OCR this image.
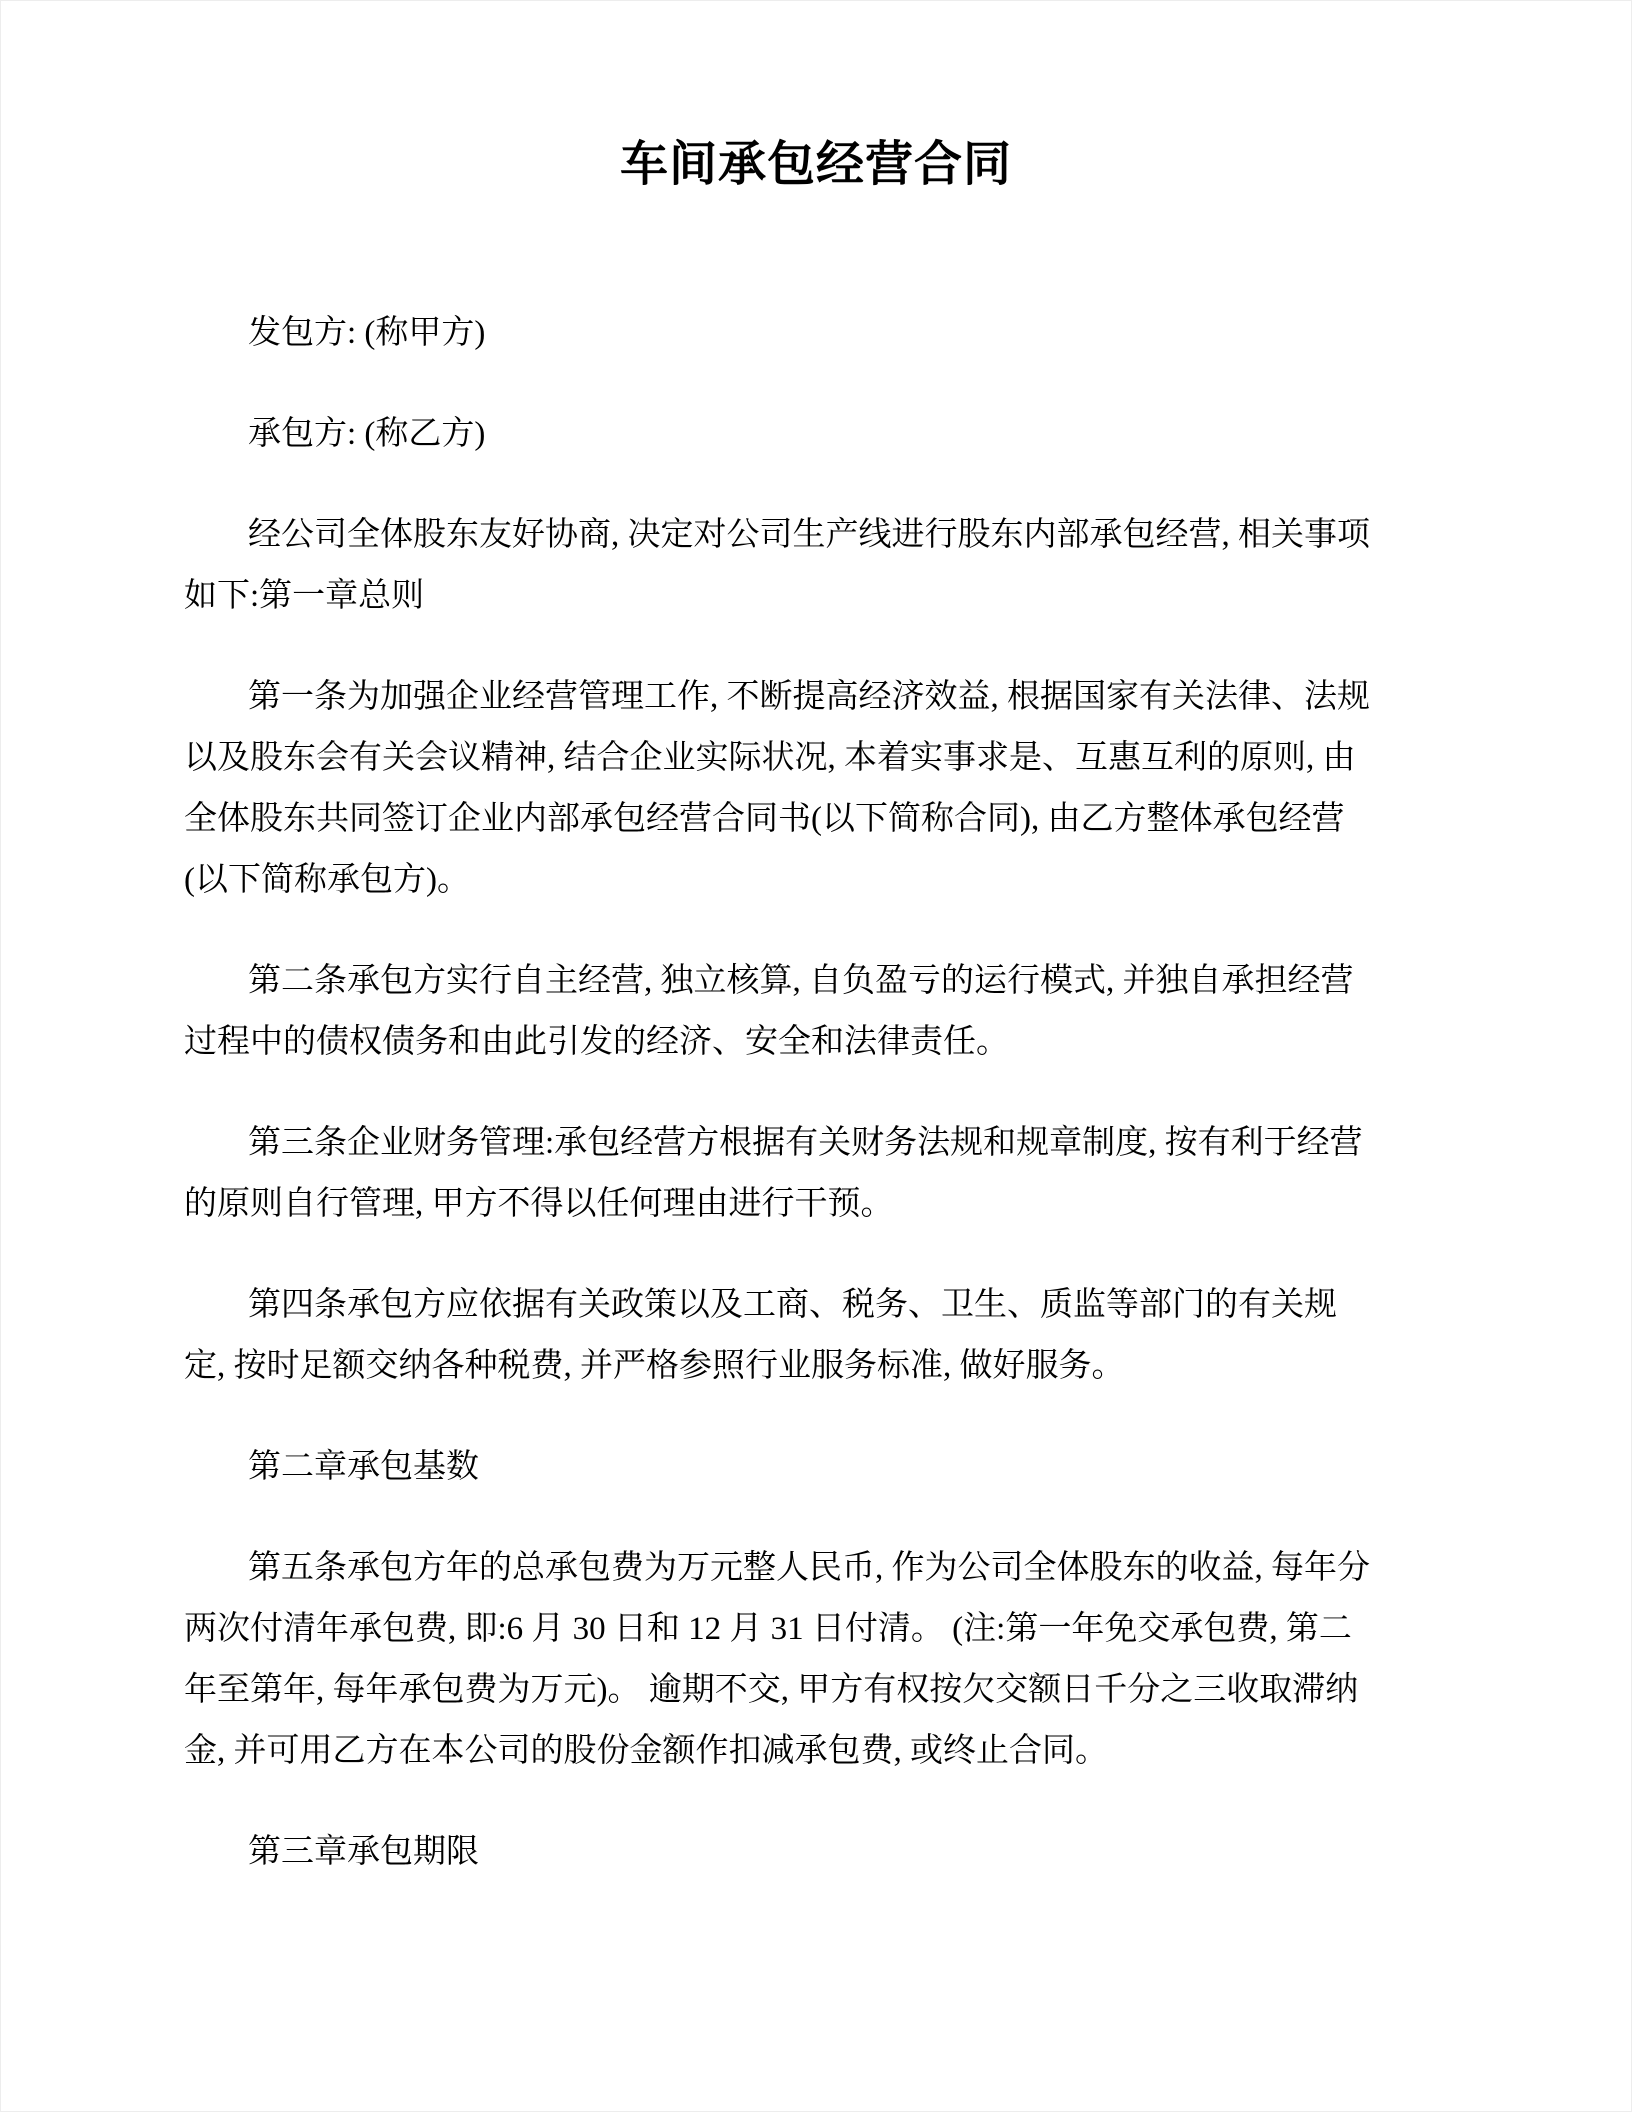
车间承包经营合同
发包方: (称甲方)
承包方: (称乙方)
经公司全体股东友好协商, 决定对公司生产线进行股东内部承包经营, 相关事项
如下:第一章总则
第一条为加强企业经营管理工作, 不断提高经济效益, 根据国家有关法律、法规
以及股东会有关会议精神, 结合企业实际状况, 本着实事求是、互惠互利的原则, 由
全体股东共同签订企业内部承包经营合同书(以下简称合同), 由乙方整体承包经营
(以下简称承包方)。
第二条承包方实行自主经营, 独立核算, 自负盈亏的运行模式, 并独自承担经营
过程中的债权债务和由此引发的经济、安全和法律责任。
第三条企业财务管理:承包经营方根据有关财务法规和规章制度, 按有利于经营
的原则自行管理, 甲方不得以任何理由进行干预。
第四条承包方应依据有关政策以及工商、税务、卫生、质监等部门的有关规
定, 按时足额交纳各种税费, 并严格参照行业服务标准, 做好服务。
第二章承包基数
第五条承包方年的总承包费为万元整人民币, 作为公司全体股东的收益, 每年分
两次付清年承包费, 即:6 月 30 日和 12 月 31 日付清。 (注:第一年免交承包费, 第二
年至第年, 每年承包费为万元)。 逾期不交, 甲方有权按欠交额日千分之三收取滞纳
金, 并可用乙方在本公司的股份金额作扣减承包费, 或终止合同。
第三章承包期限
